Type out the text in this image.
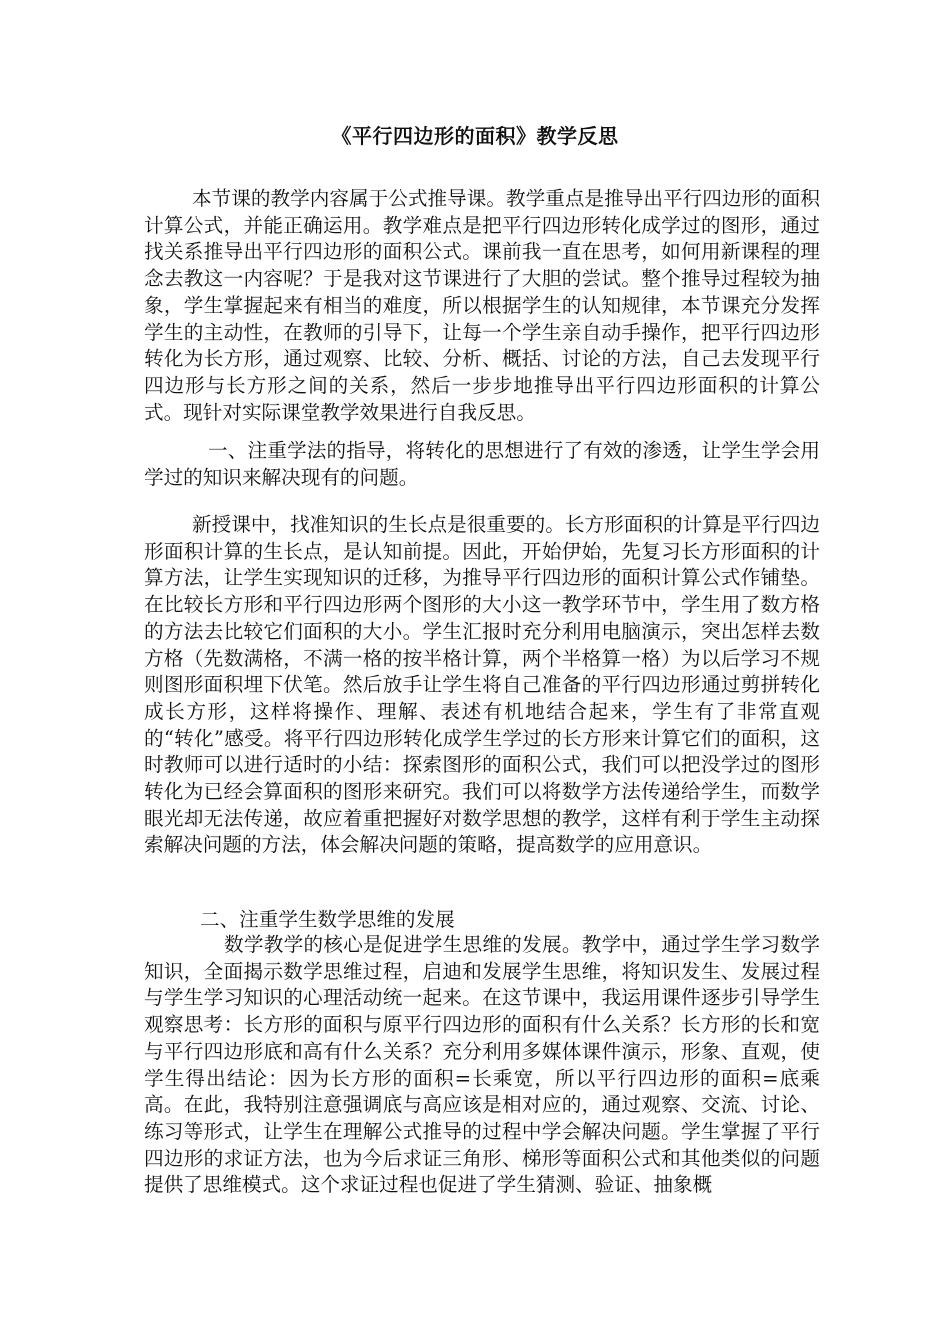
《平行四边形的面积》教学反思
本节课的教学内容属于公式推导课。教学重点是推导出平行四边形的面积计算公式，并能正确运用。教学难点是把平行四边形转化成学过的图形，通过找关系推导出平行四边形的面积公式。课前我一直在思考，如何用新课程的理念去教这一内容呢？于是我对这节课进行了大胆的尝试。整个推导过程较为抽象，学生掌握起来有相当的难度，所以根据学生的认知规律，本节课充分发挥学生的主动性，在教师的引导下，让每一个学生亲自动手操作，把平行四边形转化为长方形，通过观察、比较、分析、概括、讨论的方法，自己去发现平行四边形与长方形之间的关系，然后一步步地推导出平行四边形面积的计算公式。现针对实际课堂教学效果进行自我反思。
一、注重学法的指导，将转化的思想进行了有效的渗透，让学生学会用学过的知识来解决现有的问题。
新授课中，找准知识的生长点是很重要的。长方形面积的计算是平行四边形面积计算的生长点，是认知前提。因此，开始伊始，先复习长方形面积的计算方法，让学生实现知识的迁移，为推导平行四边形的面积计算公式作铺垫。在比较长方形和平行四边形两个图形的大小这一教学环节中，学生用了数方格的方法去比较它们面积的大小。学生汇报时充分利用电脑演示，突出怎样去数方格（先数满格，不满一格的按半格计算，两个半格算一格）为以后学习不规则图形面积埋下伏笔。然后放手让学生将自己准备的平行四边形通过剪拼转化成长方形，这样将操作、理解、表述有机地结合起来，学生有了非常直观的“转化”感受。将平行四边形转化成学生学过的长方形来计算它们的面积，这时教师可以进行适时的小结：探索图形的面积公式，我们可以把没学过的图形转化为已经会算面积的图形来研究。我们可以将数学方法传递给学生，而数学眼光却无法传递，故应着重把握好对数学思想的教学，这样有利于学生主动探索解决问题的方法，体会解决问题的策略，提高数学的应用意识。
二、注重学生数学思维的发展
数学教学的核心是促进学生思维的发展。教学中，通过学生学习数学知识，全面揭示数学思维过程，启迪和发展学生思维，将知识发生、发展过程与学生学习知识的心理活动统一起来。在这节课中，我运用课件逐步引导学生观察思考：长方形的面积与原平行四边形的面积有什么关系？长方形的长和宽与平行四边形底和高有什么关系？充分利用多媒体课件演示，形象、直观，使学生得出结论：因为长方形的面积=长乘宽，所以平行四边形的面积=底乘高。在此，我特别注意强调底与高应该是相对应的，通过观察、交流、讨论、练习等形式，让学生在理解公式推导的过程中学会解决问题。学生掌握了平行四边形的求证方法，也为今后求证三角形、梯形等面积公式和其他类似的问题提供了思维模式。这个求证过程也促进了学生猜测、验证、抽象概
